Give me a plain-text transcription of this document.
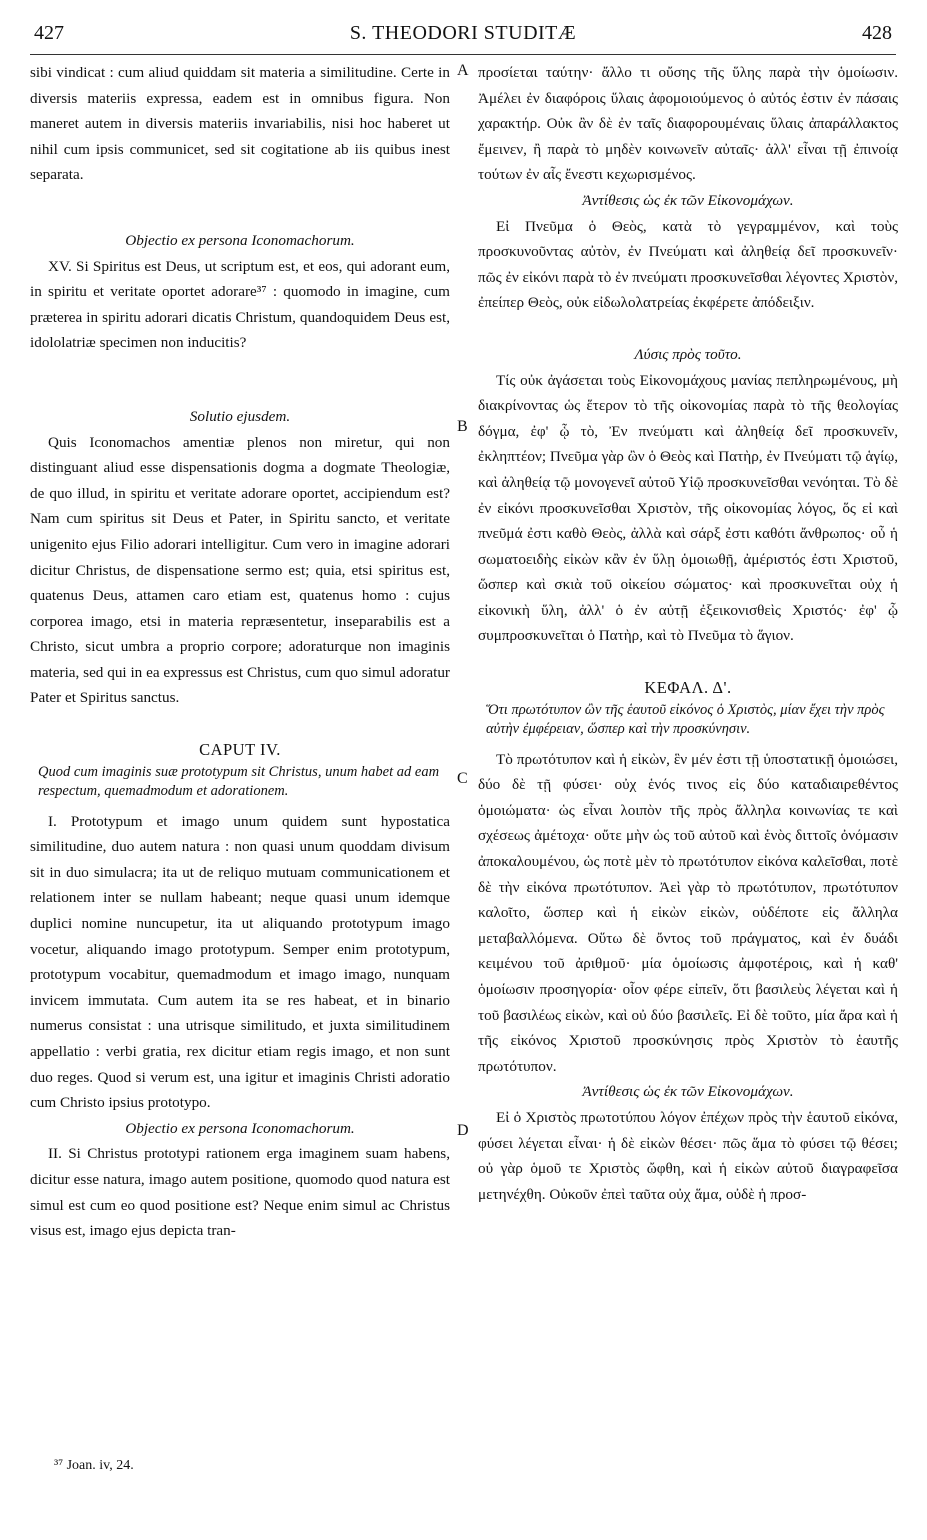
427	S. THEODORI STUDITÆ	428

sibi vindicat : cum aliud quiddam sit materia a similitudine. Certe in diversis materiis expressa, eadem est in omnibus figura. Non maneret autem in diversis materiis invariabilis, nisi hoc haberet ut nihil cum ipsis communicet, sed sit cogitatione ab iis quibus inest separata.

Objectio ex persona Iconomachorum.

XV. Si Spiritus est Deus, ut scriptum est, et eos, qui adorant eum, in spiritu et veritate oportet adorare³⁷ : quomodo in imagine, cum præterea in spiritu adorari dicatis Christum, quandoquidem Deus est, idololatriæ specimen non inducitis?

Solutio ejusdem.

Quis Iconomachos amentiæ plenos non miretur, qui non distinguant aliud esse dispensationis dogma a dogmate Theologiæ, de quo illud, in spiritu et veritate adorare oportet, accipiendum est? Nam cum spiritus sit Deus et Pater, in Spiritu sancto, et veritate unigenito ejus Filio adorari intelligitur. Cum vero in imagine adorari dicitur Christus, de dispensatione sermo est; quia, etsi spiritus est, quatenus Deus, attamen caro etiam est, quatenus homo : cujus corporea imago, etsi in materia repræsentetur, inseparabilis est a Christo, sicut umbra a proprio corpore; adoraturque non imaginis materia, sed qui in ea expressus est Christus, cum quo simul adoratur Pater et Spiritus sanctus.

CAPUT IV.

Quod cum imaginis suæ prototypum sit Christus, unum habet ad eam respectum, quemadmodum et adorationem.

I. Prototypum et imago unum quidem sunt hypostatica similitudine, duo autem natura : non quasi unum quoddam divisum sit in duo simulacra; ita ut de reliquo mutuam communicationem et relationem inter se nullam habeant; neque quasi unum idemque duplici nomine nuncupetur, ita ut aliquando prototypum imago vocetur, aliquando imago prototypum. Semper enim prototypum, prototypum vocabitur, quemadmodum et imago imago, nunquam invicem immutata. Cum autem ita se res habeat, et in binario numerus consistat : una utrisque similitudo, et juxta similitudinem appellatio : verbi gratia, rex dicitur etiam regis imago, et non sunt duo reges. Quod si verum est, una igitur et imaginis Christi adoratio cum Christo ipsius prototypo.

Objectio ex persona Iconomachorum.

II. Si Christus prototypi rationem erga imaginem suam habens, dicitur esse natura, imago autem positione, quomodo quod natura est simul est cum eo quod positione est? Neque enim simul ac Christus visus est, imago ejus depicta tran-

A
B
C
D

προσίεται ταύτην· ἄλλο τι οὔσης τῆς ὕλης παρὰ τὴν ὁμοίωσιν. Ἀμέλει ἐν διαφόροις ὕλαις ἀφομοιούμενος ὁ αὐτός ἐστιν ἐν πάσαις χαρακτήρ. Οὐκ ἂν δὲ ἐν ταῖς διαφορουμέναις ὕλαις ἀπαράλλακτος ἔμεινεν, ἢ παρὰ τὸ μηδὲν κοινωνεῖν αὐταῖς· ἀλλ' εἶναι τῇ ἐπινοίᾳ τούτων ἐν αἷς ἔνεστι κεχωρισμένος.

Ἀντίθεσις ὡς ἐκ τῶν Εἰκονομάχων.

Εἰ Πνεῦμα ὁ Θεὸς, κατὰ τὸ γεγραμμένον, καὶ τοὺς προσκυνοῦντας αὐτὸν, ἐν Πνεύματι καὶ ἀληθείᾳ δεῖ προσκυνεῖν· πῶς ἐν εἰκόνι παρὰ τὸ ἐν πνεύματι προσκυνεῖσθαι λέγοντες Χριστὸν, ἐπείπερ Θεὸς, οὐκ εἰδωλολατρείας ἐκφέρετε ἀπόδειξιν.

Λύσις πρὸς τοῦτο.

Τίς οὐκ ἀγάσεται τοὺς Εἰκονομάχους μανίας πεπληρωμένους, μὴ διακρίνοντας ὡς ἕτερον τὸ τῆς οἰκονομίας παρὰ τὸ τῆς θεολογίας δόγμα, ἐφ' ᾧ τὸ, Ἐν πνεύματι καὶ ἀληθείᾳ δεῖ προσκυνεῖν, ἐκληπτέον; Πνεῦμα γὰρ ὢν ὁ Θεὸς καὶ Πατὴρ, ἐν Πνεύματι τῷ ἁγίῳ, καὶ ἀληθείᾳ τῷ μονογενεῖ αὐτοῦ Υἱῷ προσκυνεῖσθαι νενόηται. Τὸ δὲ ἐν εἰκόνι προσκυνεῖσθαι Χριστὸν, τῆς οἰκονομίας λόγος, ὅς εἰ καὶ πνεῦμά ἐστι καθὸ Θεὸς, ἀλλὰ καὶ σάρξ ἐστι καθότι ἄνθρωπος· οὗ ἡ σωματοειδὴς εἰκὼν κἂν ἐν ὕλῃ ὁμοιωθῇ, ἀμέριστός ἐστι Χριστοῦ, ὥσπερ καὶ σκιὰ τοῦ οἰκείου σώματος· καὶ προσκυνεῖται οὐχ ἡ εἰκονικὴ ὕλη, ἀλλ' ὁ ἐν αὐτῇ ἐξεικονισθεὶς Χριστός· ἐφ' ᾧ συμπροσκυνεῖται ὁ Πατὴρ, καὶ τὸ Πνεῦμα τὸ ἅγιον.

ΚΕΦΑΛ. Δ'.

Ὅτι πρωτότυπον ὢν τῆς ἑαυτοῦ εἰκόνος ὁ Χριστὸς, μίαν ἔχει τὴν πρὸς αὐτὴν ἐμφέρειαν, ὥσπερ καὶ τὴν προσκύνησιν.

Τὸ πρωτότυπον καὶ ἡ εἰκὼν, ἓν μέν ἐστι τῇ ὑποστατικῇ ὁμοιώσει, δύο δὲ τῇ φύσει· οὐχ ἑνός τινος εἰς δύο καταδιαιρεθέντος ὁμοιώματα· ὡς εἶναι λοιπὸν τῆς πρὸς ἄλληλα κοινωνίας τε καὶ σχέσεως ἀμέτοχα· οὔτε μὴν ὡς τοῦ αὐτοῦ καὶ ἑνὸς διττοῖς ὀνόμασιν ἀποκαλουμένου, ὡς ποτὲ μὲν τὸ πρωτότυπον εἰκόνα καλεῖσθαι, ποτὲ δὲ τὴν εἰκόνα πρωτότυπον. Ἀεὶ γὰρ τὸ πρωτότυπον, πρωτότυπον καλοῖτο, ὥσπερ καὶ ἡ εἰκὼν εἰκὼν, οὐδέποτε εἰς ἄλληλα μεταβαλλόμενα. Οὕτω δὲ ὄντος τοῦ πράγματος, καὶ ἐν δυάδι κειμένου τοῦ ἀριθμοῦ· μία ὁμοίωσις ἀμφοτέροις, καὶ ἡ καθ' ὁμοίωσιν προσηγορία· οἷον φέρε εἰπεῖν, ὅτι βασιλεὺς λέγεται καὶ ἡ τοῦ βασιλέως εἰκὼν, καὶ οὐ δύο βασιλεῖς. Εἰ δὲ τοῦτο, μία ἄρα καὶ ἡ τῆς εἰκόνος Χριστοῦ προσκύνησις πρὸς Χριστὸν τὸ ἑαυτῆς πρωτότυπον.

Ἀντίθεσις ὡς ἐκ τῶν Εἰκονομάχων.

Εἰ ὁ Χριστὸς πρωτοτύπου λόγον ἐπέχων πρὸς τὴν ἑαυτοῦ εἰκόνα, φύσει λέγεται εἶναι· ἡ δὲ εἰκὼν θέσει· πῶς ἅμα τὸ φύσει τῷ θέσει; οὐ γὰρ ὁμοῦ τε Χριστὸς ὤφθη, καὶ ἡ εἰκὼν αὐτοῦ διαγραφεῖσα μετηνέχθη. Οὐκοῦν ἐπεὶ ταῦτα οὐχ ἅμα, οὐδὲ ἡ προσ-

³⁷ Joan. iv, 24.
